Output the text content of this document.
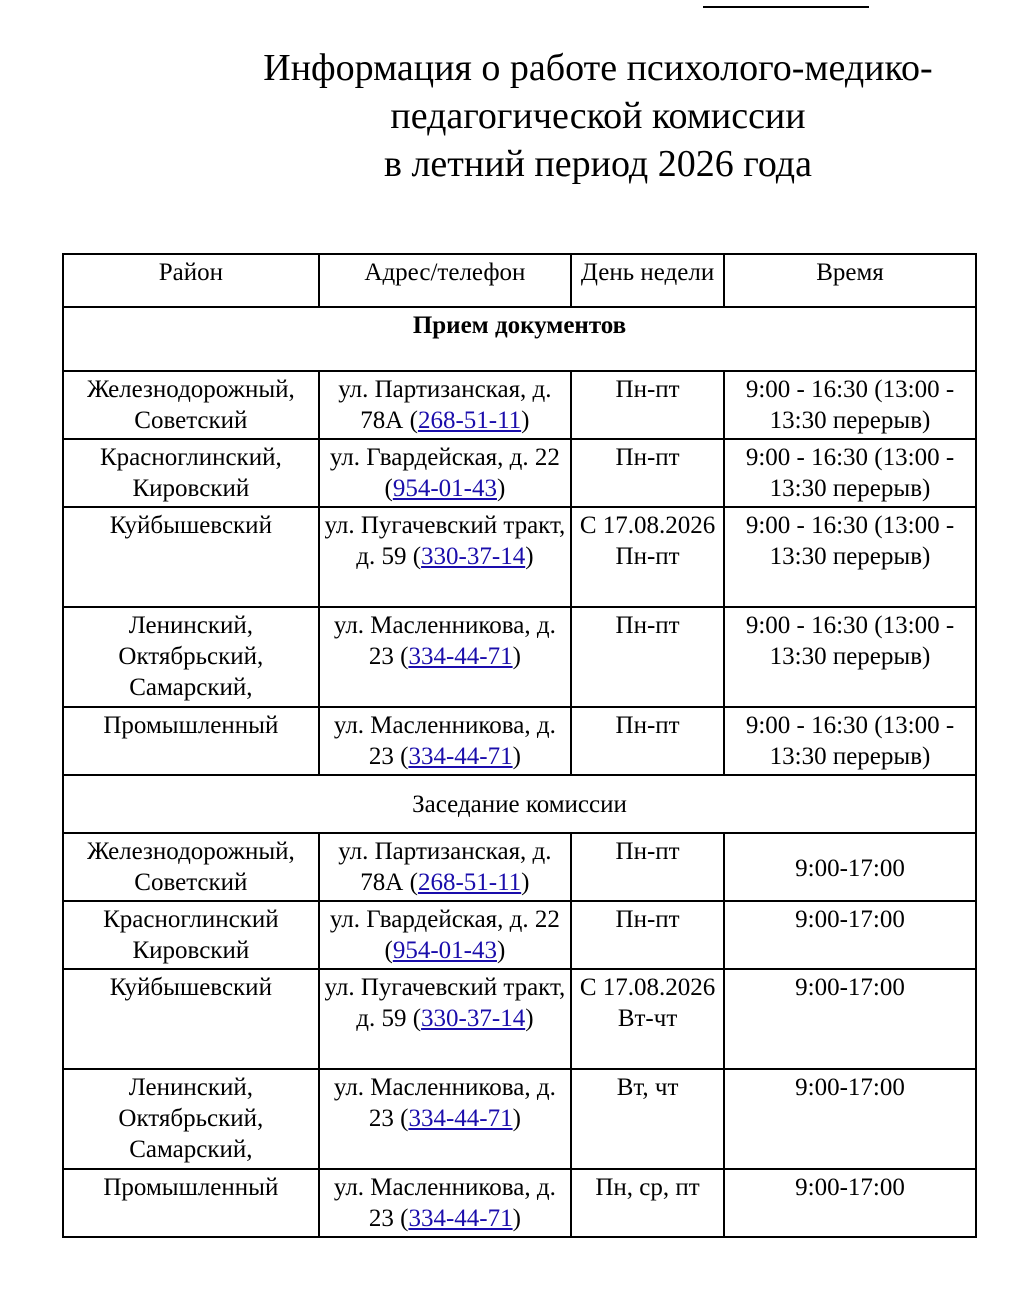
Информация о работе психолого-медико-
педагогической комиссии
в летний период 2026 года
Район	Адрес/телефон	День недели	Время
Прием документов			
Железнодорожный, Советский	ул. Партизанская, д. 78А (268-51-11)	Пн-пт	9:00 - 16:30 (13:00 - 13:30 перерыв)
Красноглинский, Кировский	ул. Гвардейская, д. 22 (954-01-43)	Пн-пт	9:00 - 16:30 (13:00 - 13:30 перерыв)
Куйбышевский	ул. Пугачевский тракт, д. 59 (330-37-14)	С 17.08.2026 Пн-пт	9:00 - 16:30 (13:00 - 13:30 перерыв)
Ленинский, Октябрьский, Самарский,	ул. Масленникова, д. 23 (334-44-71)	Пн-пт	9:00 - 16:30 (13:00 - 13:30 перерыв)
Промышленный	ул. Масленникова, д. 23 (334-44-71)	Пн-пт	9:00 - 16:30 (13:00 - 13:30 перерыв)
Заседание комиссии			
Железнодорожный, Советский	ул. Партизанская, д. 78А (268-51-11)	Пн-пт	9:00-17:00
Красноглинский Кировский	ул. Гвардейская, д. 22 (954-01-43)	Пн-пт	9:00-17:00
Куйбышевский	ул. Пугачевский тракт, д. 59 (330-37-14)	С 17.08.2026 Вт-чт	9:00-17:00
Ленинский, Октябрьский, Самарский,	ул. Масленникова, д. 23 (334-44-71)	Вт, чт	9:00-17:00
Промышленный	ул. Масленникова, д. 23 (334-44-71)	Пн, ср, пт	9:00-17:00
